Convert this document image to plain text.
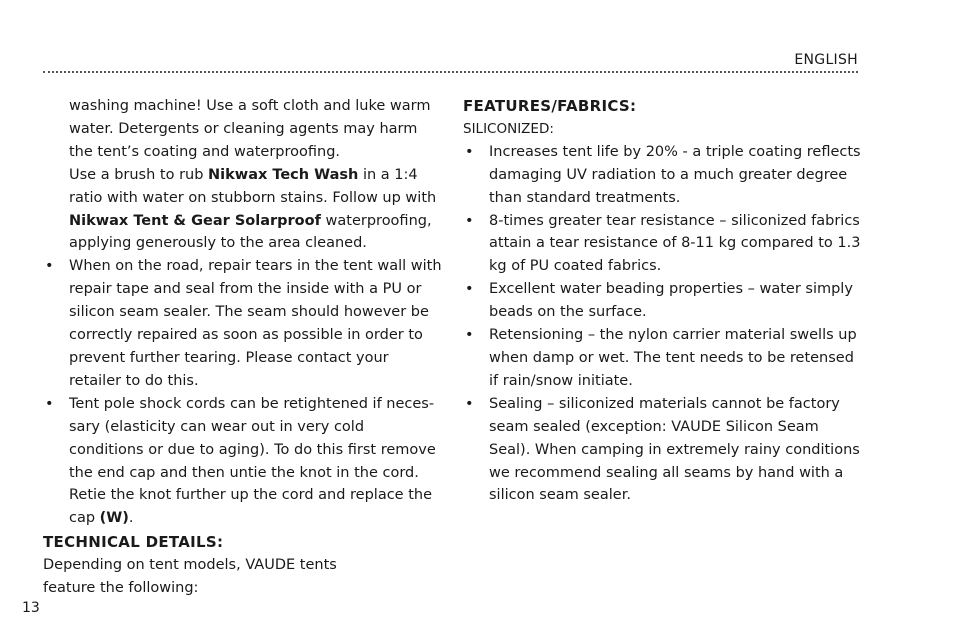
ENGLISH

washing machine! Use a soft cloth and luke warm water. Detergents or cleaning agents may harm the tent’s coating and waterproofing.

Use a brush to rub Nikwax Tech Wash in a 1:4 ratio with water on stubborn stains. Follow up with Nikwax Tent & Gear Solarproof waterproofing, applying generously to the area cleaned.

• When on the road, repair tears in the tent wall with repair tape and seal from the inside with a PU or silicon seam sealer. The seam should however be correctly repaired as soon as possible in order to prevent further tearing. Please contact your retailer to do this.
• Tent pole shock cords can be retightened if necessary (elasticity can wear out in very cold conditions or due to aging). To do this first remove the end cap and then untie the knot in the cord. Retie the knot further up the cord and replace the cap (W).
TECHNICAL DETAILS:

Depending on tent models, VAUDE tents feature the following:

FEATURES/FABRICS:
SILICONIZED:
• Increases tent life by 20% - a triple coating reflects damaging UV radiation to a much greater degree than standard treatments.
• 8-times greater tear resistance – siliconized fabrics attain a tear resistance of 8-11 kg compared to 1.3 kg of PU coated fabrics.
• Excellent water beading properties – water simply beads on the surface.
• Retensioning – the nylon carrier material swells up when damp or wet. The tent needs to be retensed if rain/snow initiate.
• Sealing – siliconized materials cannot be factory seam sealed (exception: VAUDE Silicon Seam Seal). When camping in extremely rainy conditions we recommend sealing all seams by hand with a silicon seam sealer.
13
